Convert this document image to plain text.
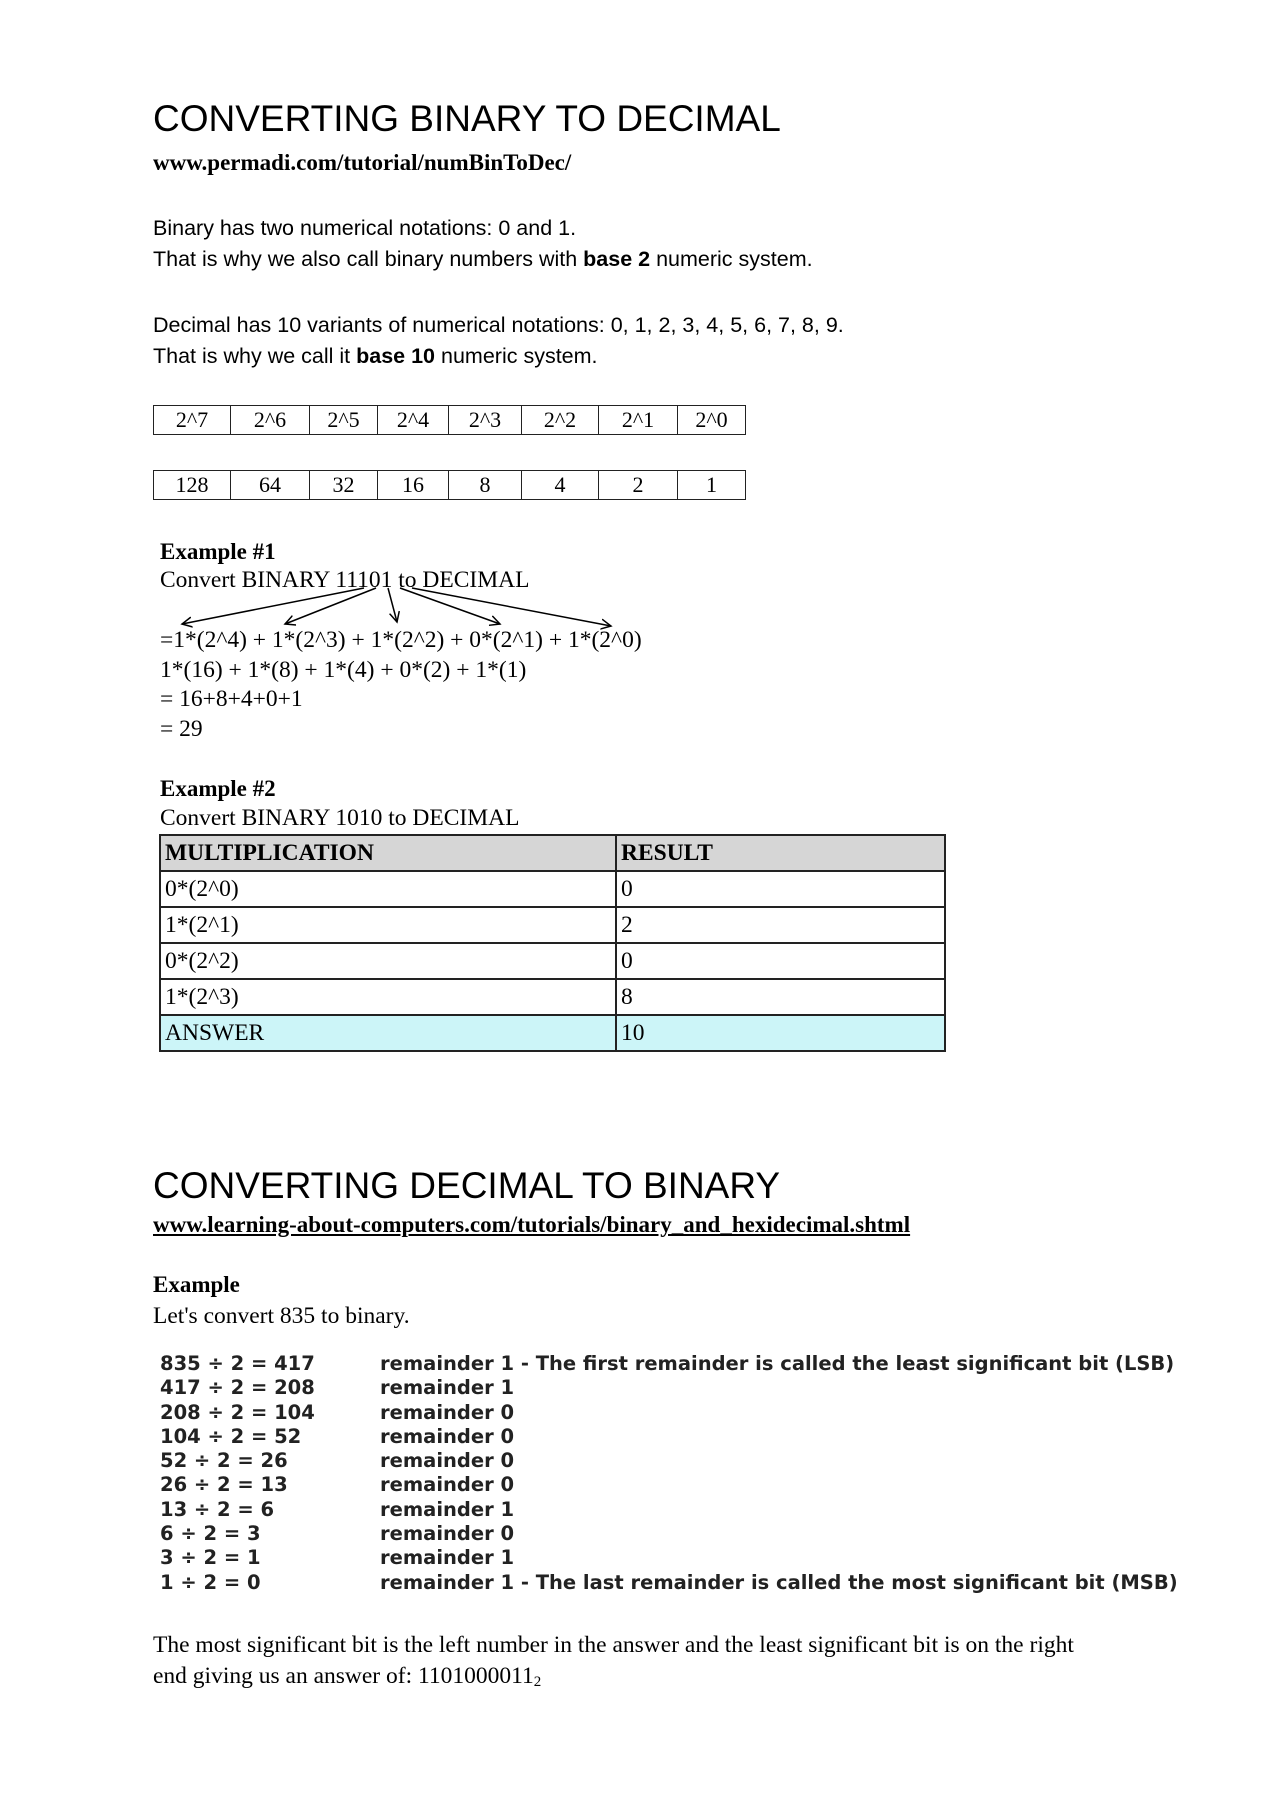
CONVERTING BINARY TO DECIMAL
www.permadi.com/tutorial/numBinToDec/
Binary has two numerical notations: 0 and 1.
That is why we also call binary numbers with base 2 numeric system.
Decimal has 10 variants of numerical notations: 0, 1, 2, 3, 4, 5, 6, 7, 8, 9.
That is why we call it base 10 numeric system.
2^7	2^6	2^5	2^4	2^3	2^2	2^1	2^0
128	64	32	16	8	4	2	1
Example #1
Convert BINARY 11101 to DECIMAL
=1*(2^4) + 1*(2^3) + 1*(2^2) + 0*(2^1) + 1*(2^0)
1*(16) + 1*(8) + 1*(4) + 0*(2) + 1*(1)
= 16+8+4+0+1
= 29
Example #2
Convert BINARY 1010 to DECIMAL
MULTIPLICATION	RESULT
0*(2^0)	0
1*(2^1)	2
0*(2^2)	0
1*(2^3)	8
ANSWER	10
CONVERTING DECIMAL TO BINARY
www.learning-about-computers.com/tutorials/binary_and_hexidecimal.shtml
Example
Let's convert 835 to binary.
835 ÷ 2 = 417	remainder 1 - The first remainder is called the least significant bit (LSB)
417 ÷ 2 = 208	remainder 1
208 ÷ 2 = 104	remainder 0
104 ÷ 2 = 52	remainder 0
52 ÷ 2 = 26	remainder 0
26 ÷ 2 = 13	remainder 0
13 ÷ 2 = 6	remainder 1
6 ÷ 2 = 3	remainder 0
3 ÷ 2 = 1	remainder 1
1 ÷ 2 = 0	remainder 1 - The last remainder is called the most significant bit (MSB)
The most significant bit is the left number in the answer and the least significant bit is on the right
end giving us an answer of: $1101000011_2$
